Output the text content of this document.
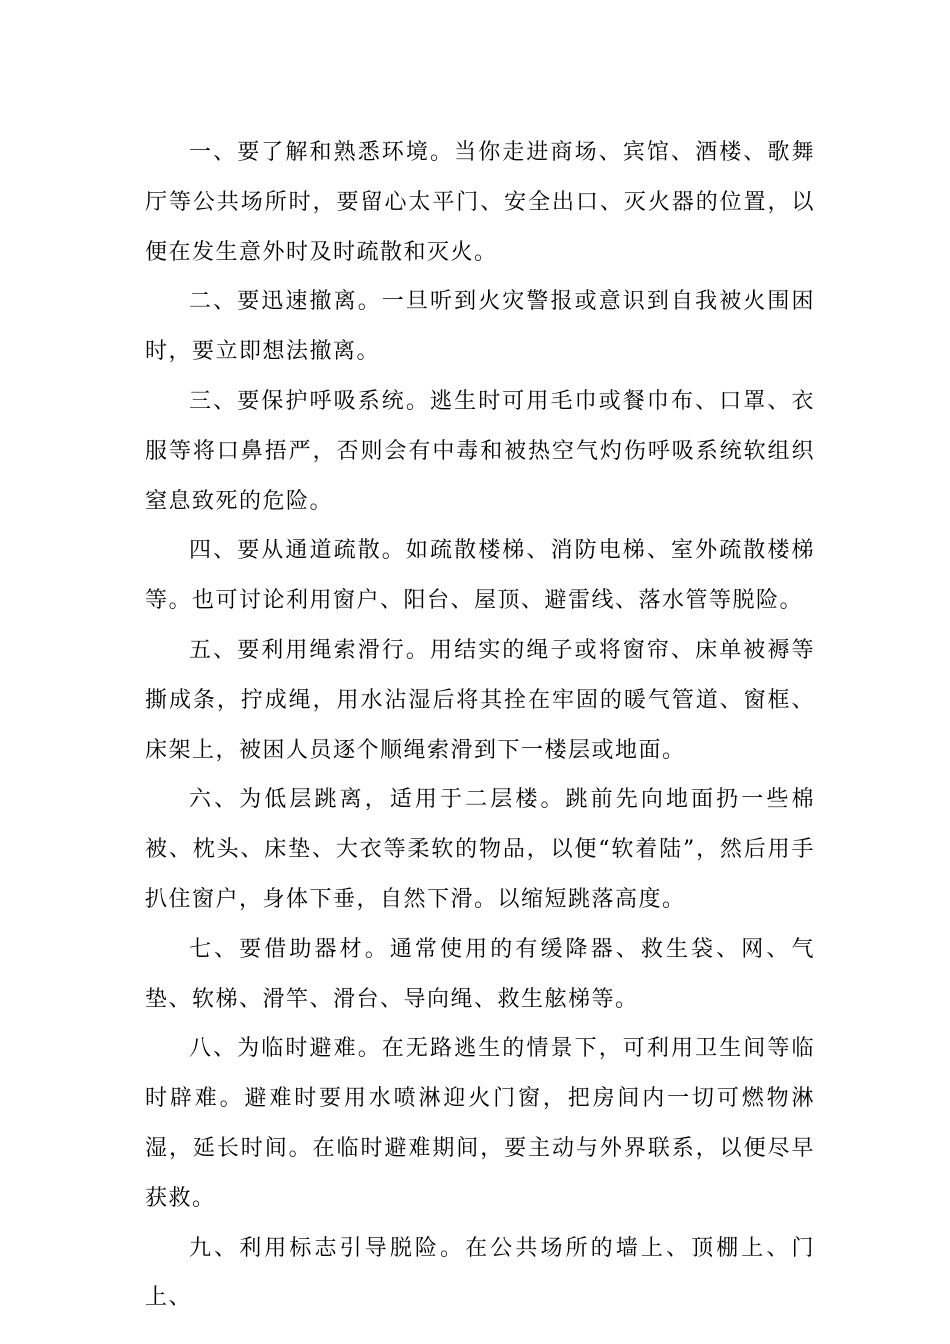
一、要了解和熟悉环境。当你走进商场、宾馆、酒楼、歌舞厅等公共场所时，要留心太平门、安全出口、灭火器的位置，以便在发生意外时及时疏散和灭火。

二、要迅速撤离。一旦听到火灾警报或意识到自我被火围困时，要立即想法撤离。

三、要保护呼吸系统。逃生时可用毛巾或餐巾布、口罩、衣服等将口鼻捂严，否则会有中毒和被热空气灼伤呼吸系统软组织窒息致死的危险。

四、要从通道疏散。如疏散楼梯、消防电梯、室外疏散楼梯等。也可讨论利用窗户、阳台、屋顶、避雷线、落水管等脱险。

五、要利用绳索滑行。用结实的绳子或将窗帘、床单被褥等撕成条，拧成绳，用水沾湿后将其拴在牢固的暖气管道、窗框、床架上，被困人员逐个顺绳索滑到下一楼层或地面。

六、为低层跳离，适用于二层楼。跳前先向地面扔一些棉被、枕头、床垫、大衣等柔软的物品，以便“软着陆”，然后用手扒住窗户，身体下垂，自然下滑。以缩短跳落高度。

七、要借助器材。通常使用的有缓降器、救生袋、网、气垫、软梯、滑竿、滑台、导向绳、救生舷梯等。

八、为临时避难。在无路逃生的情景下，可利用卫生间等临时辟难。避难时要用水喷淋迎火门窗，把房间内一切可燃物淋湿，延长时间。在临时避难期间，要主动与外界联系，以便尽早获救。

九、利用标志引导脱险。在公共场所的墙上、顶棚上、门上、
